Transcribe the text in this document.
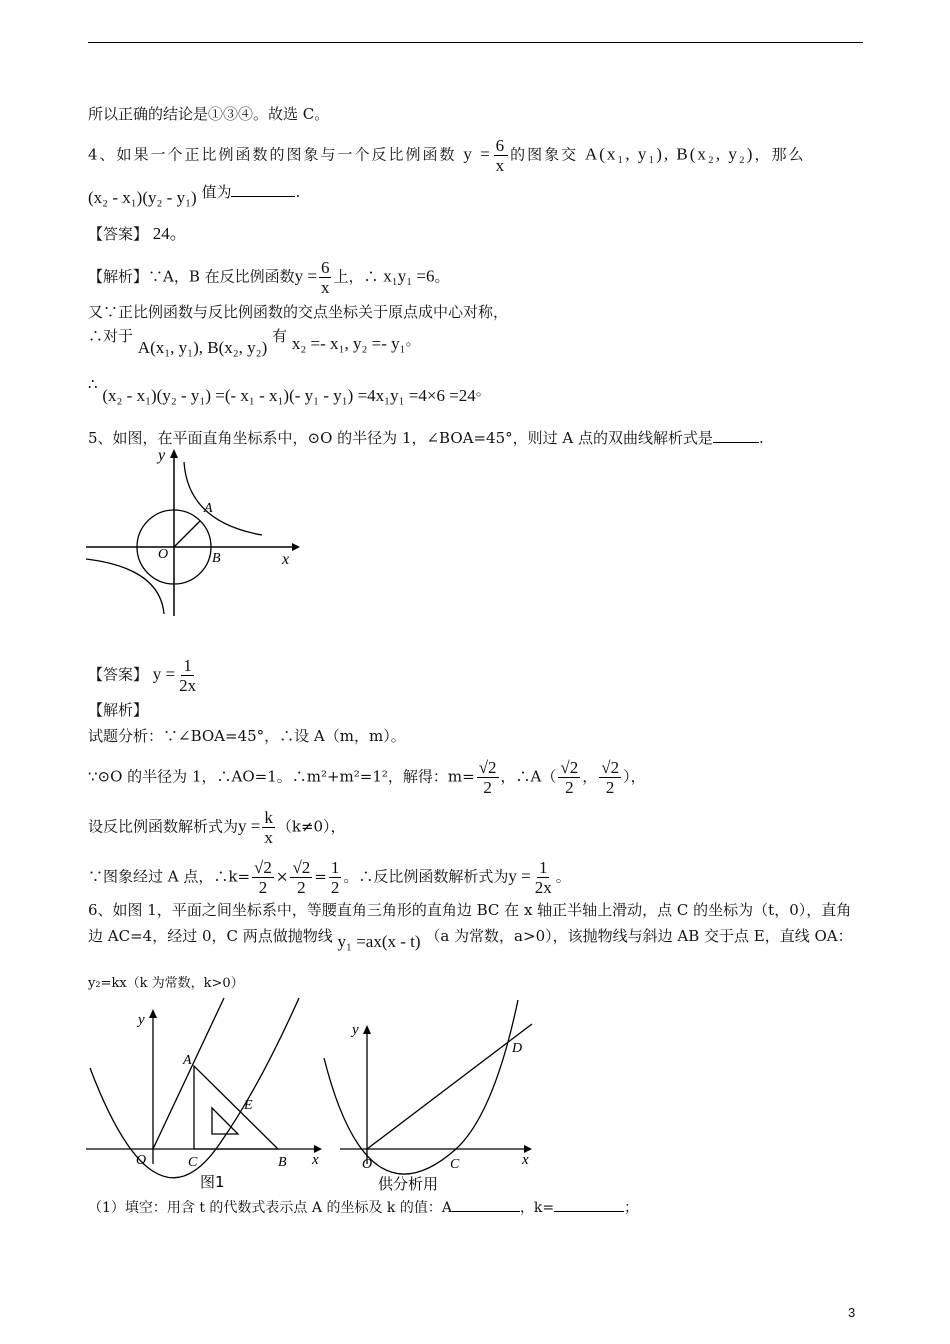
所以正确的结论是①③④。故选 C。
4、如果一个正比例函数的图象与一个反比例函数 $y = \frac{6}{x}$ 的图象交 A(x₁, y₁), B(x₂, y₂)，那么
(x₂ - x₁)(y₂ - y₁) 值为	.
【答案】 24。
【解析】∵A，B 在反比例函数$y = \frac{6}{x}$ 上，∴ x₁y₁ =6。
又∵正比例函数与反比例函数的交点坐标关于原点成中心对称，
∴对于 A(x₁, y₁), B(x₂, y₂) 有 x₂ =- x₁, y₂ =- y₁。
∴ (x₂ - x₁)(y₂ - y₁) =(- x₁ - x₁)(- y₁ - y₁) =4x₁y₁ =4×6 =24。
5、如图，在平面直角坐标系中，⊙O 的半径为 1，∠BOA=45°，则过 A 点的双曲线解析式是	.
y
x
O
A
B
【答案】 $y = \frac{1}{2x}$
【解析】
试题分析：∵∠BOA=45°，∴设 A（m，m）。
∵⊙O 的半径为 1，∴AO=1。∴m²+m²=1²，解得：$m= \frac{√2}{2}$ ，∴A（ $\frac{√2}{2}$ ， $\frac{√2}{2}$ ），
设反比例函数解析式为$y = \frac{k}{x} (k\ne 0)$，
∵图象经过 A 点，∴k= $\frac{√2}{2} \times \frac{√2}{2} = \frac{1}{2}$ 。∴反比例函数解析式为$y = \frac{1}{2x}$ 。
6、如图 1，平面之间坐标系中，等腰直角三角形的直角边 BC 在 x 轴正半轴上滑动，点 C 的坐标为（t，0），直角
边 AC=4，经过 0，C 两点做抛物线 y₁ =ax(x - t) （a 为常数，a>0），该抛物线与斜边 AB 交于点 E，直线 OA：
y₂=kx（k 为常数，k>0）
y
x
O
A
C	B
E
图1
y
x
O	C
D
供分析用
（1）填空：用含 t 的代数式表示点 A 的坐标及 k 的值：A	，k=	；
3
